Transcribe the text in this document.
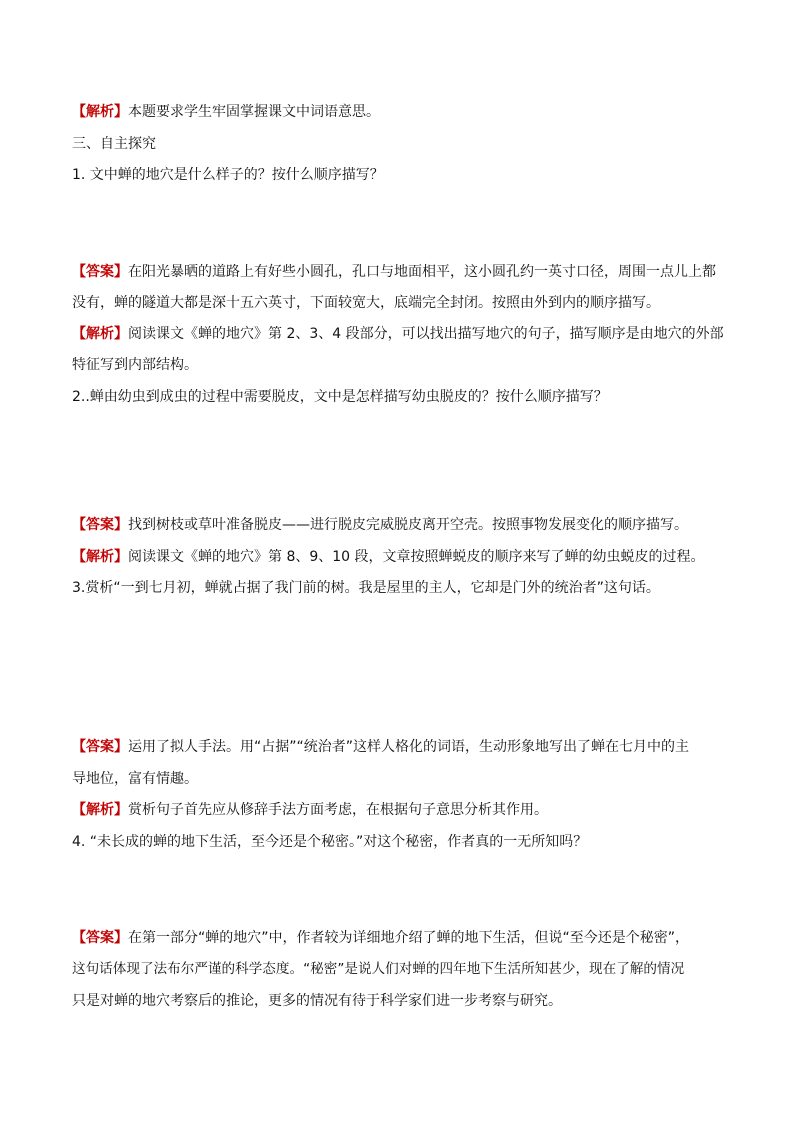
【解析】本题要求学生牢固掌握课文中词语意思。
三、自主探究
1. 文中蝉的地穴是什么样子的？按什么顺序描写？
【答案】在阳光暴晒的道路上有好些小圆孔，孔口与地面相平，这小圆孔约一英寸口径，周围一点儿上都
没有，蝉的隧道大都是深十五六英寸，下面较宽大，底端完全封闭。按照由外到内的顺序描写。
【解析】阅读课文《蝉的地穴》第 2、3、4 段部分，可以找出描写地穴的句子，描写顺序是由地穴的外部
特征写到内部结构。
2..蝉由幼虫到成虫的过程中需要脱皮，文中是怎样描写幼虫脱皮的？按什么顺序描写？
【答案】找到树枝或草叶准备脱皮——进行脱皮完威脱皮离开空壳。按照事物发展变化的顺序描写。
【解析】阅读课文《蝉的地穴》第 8、9、10 段，文章按照蝉蜕皮的顺序来写了蝉的幼虫蜕皮的过程。
3.赏析“一到七月初，蝉就占据了我门前的树。我是屋里的主人，它却是门外的统治者”这句话。
【答案】运用了拟人手法。用“占据”“统治者”这样人格化的词语，生动形象地写出了蝉在七月中的主
导地位，富有情趣。
【解析】赏析句子首先应从修辞手法方面考虑，在根据句子意思分析其作用。
4. “未长成的蝉的地下生活，至今还是个秘密。”对这个秘密，作者真的一无所知吗？
【答案】在第一部分“蝉的地穴”中，作者较为详细地介绍了蝉的地下生活，但说“至今还是个秘密”，
这句话体现了法布尔严谨的科学态度。“秘密”是说人们对蝉的四年地下生活所知甚少，现在了解的情况
只是对蝉的地穴考察后的推论，更多的情况有待于科学家们进一步考察与研究。
